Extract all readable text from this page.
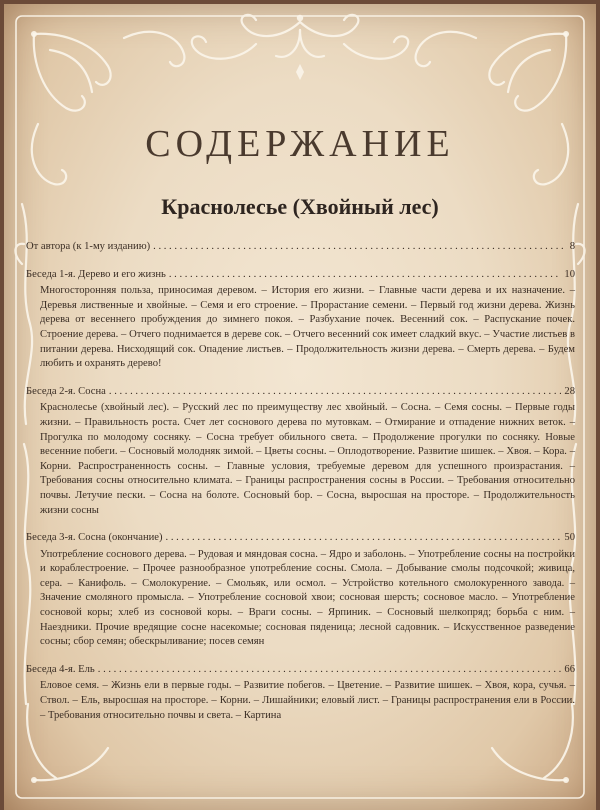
СОДЕРЖАНИЕ
Краснолесье (Хвойный лес)
От автора (к 1-му изданию) . . .	8
Беседа 1-я. Дерево и его жизнь . . .	10
Многосторонняя польза, приносимая деревом. – История его жизни. – Главные части дерева и их назначение. – Деревья лиственные и хвойные. – Семя и его строение. – Прорастание семени. – Первый год жизни дерева. Жизнь дерева от весеннего пробуждения до зимнего покоя. – Разбухание почек. Весенний сок. – Распускание почек. Строение дерева. – Отчего поднимается в дереве сок. – Отчего весенний сок имеет сладкий вкус. – Участие листьев в питании дерева. Нисходящий сок. Опадение листьев. – Продолжительность жизни дерева. – Смерть дерева. – Будем любить и охранять дерево!
Беседа 2-я. Сосна . . .	28
Краснолесье (хвойный лес). – Русский лес по преимуществу лес хвойный. – Сосна. – Семя сосны. – Первые годы жизни. – Правильность роста. Счет лет соснового дерева по мутовкам. – Отмирание и отпадение нижних веток. – Прогулка по молодому сосняку. – Сосна требует обильного света. – Продолжение прогулки по сосняку. Новые весенние побеги. – Сосновый молодняк зимой. – Цветы сосны. – Оплодотворение. Развитие шишек. – Хвоя. – Кора. – Корни. Распространенность сосны. – Главные условия, требуемые деревом для успешного произрастания. – Требования сосны относительно климата. – Границы распространения сосны в России. – Требования относительно почвы. Летучие пески. – Сосна на болоте. Сосновый бор. – Сосна, выросшая на просторе. – Продолжительность жизни сосны
Беседа 3-я. Сосна (окончание) . . .	50
Употребление соснового дерева. – Рудовая и мяндовая сосна. – Ядро и заболонь. – Употребление сосны на постройки и кораблестроение. – Прочее разнообразное употребление сосны. Смола. – Добывание смолы подсочкой; живица, сера. – Канифоль. – Смолокурение. – Смольяк, или осмол. – Устройство котельного смолокуренного завода. – Значение смоляного промысла. – Употребление сосновой хвои; сосновая шерсть; сосновое масло. – Употребление сосновой коры; хлеб из сосновой коры. – Враги сосны. – Ярпиник. – Сосновый шелкопряд; борьба с ним. – Наездники. Прочие вредящие сосне насекомые; сосновая пяденица; лесной садовник. – Искусственное разведение сосны; сбор семян; обескрыливание; посев семян
Беседа 4-я. Ель . . .	66
Еловое семя. – Жизнь ели в первые годы. – Развитие побегов. – Цветение. – Развитие шишек. – Хвоя, кора, сучья. – Ствол. – Ель, выросшая на просторе. – Корни. – Лишайники; еловый лист. – Границы распространения ели в России. – Требования относительно почвы и света. – Картина
